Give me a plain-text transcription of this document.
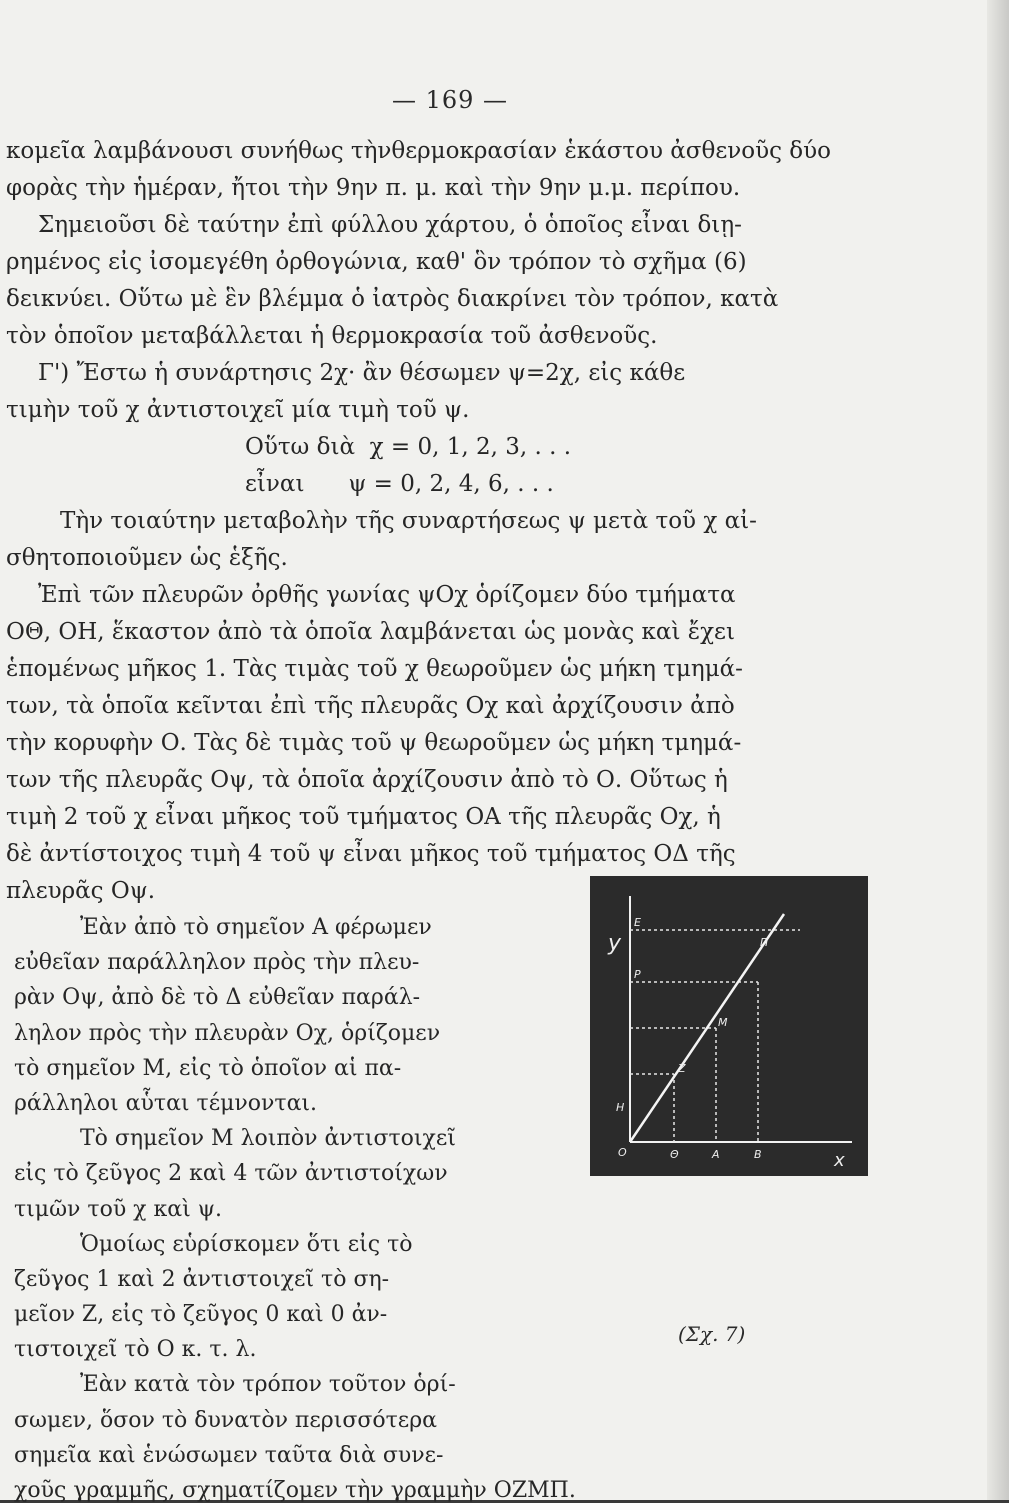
— 169 —
κομεῖα λαμβάνουσι συνήθως τὴνθερμοκρασίαν ἑκάστου ἀσθενοῦς δύο
φορὰς τὴν ἡμέραν, ἤτοι τὴν 9ην π. μ. καὶ τὴν 9ην μ.μ. περίπου.
Σημειοῦσι δὲ ταύτην ἐπὶ φύλλου χάρτου, ὁ ὁποῖος εἶναι διῃ-
ρημένος εἰς ἰσομεγέθη ὀρθογώνια, καθ' ὃν τρόπον τὸ σχῆμα (6)
δεικνύει. Οὕτω μὲ ἓν βλέμμα ὁ ἰατρὸς διακρίνει τὸν τρόπον, κατὰ
τὸν ὁποῖον μεταβάλλεται ἡ θερμοκρασία τοῦ ἀσθενοῦς.
Γ') Ἔστω ἡ συνάρτησις 2χ· ἂν θέσωμεν ψ=2χ, εἰς κάθε
τιμὴν τοῦ χ ἀντιστοιχεῖ μία τιμὴ τοῦ ψ.
Οὕτω διὰ  χ = 0, 1, 2, 3, . . .
εἶναι      ψ = 0, 2, 4, 6, . . .
Τὴν τοιαύτην μεταβολὴν τῆς συναρτήσεως ψ μετὰ τοῦ χ αἰ-
σθητοποιοῦμεν ὡς ἑξῆς.
Ἐπὶ τῶν πλευρῶν ὀρθῆς γωνίας ψΟχ ὁρίζομεν δύο τμήματα
ΟΘ, ΟΗ, ἕκαστον ἀπὸ τὰ ὁποῖα λαμβάνεται ὡς μονὰς καὶ ἔχει
ἑπομένως μῆκος 1. Τὰς τιμὰς τοῦ χ θεωροῦμεν ὡς μήκη τμημά-
των, τὰ ὁποῖα κεῖνται ἐπὶ τῆς πλευρᾶς Οχ καὶ ἀρχίζουσιν ἀπὸ
τὴν κορυφὴν Ο. Τὰς δὲ τιμὰς τοῦ ψ θεωροῦμεν ὡς μήκη τμημά-
των τῆς πλευρᾶς Οψ, τὰ ὁποῖα ἀρχίζουσιν ἀπὸ τὸ Ο. Οὕτως ἡ
τιμὴ 2 τοῦ χ εἶναι μῆκος τοῦ τμήματος ΟΑ τῆς πλευρᾶς Οχ, ἡ
δὲ ἀντίστοιχος τιμὴ 4 τοῦ ψ εἶναι μῆκος τοῦ τμήματος ΟΔ τῆς
πλευρᾶς Οψ.
Ἐὰν ἀπὸ τὸ σημεῖον Α φέρωμεν
εὐθεῖαν παράλληλον πρὸς τὴν πλευ-
ρὰν Οψ, ἀπὸ δὲ τὸ Δ εὐθεῖαν παράλ-
ληλον πρὸς τὴν πλευρὰν Οχ, ὁρίζομεν
τὸ σημεῖον Μ, εἰς τὸ ὁποῖον αἱ πα-
ράλληλοι αὗται τέμνονται.
Τὸ σημεῖον Μ λοιπὸν ἀντιστοιχεῖ
εἰς τὸ ζεῦγος 2 καὶ 4 τῶν ἀντιστοίχων
τιμῶν τοῦ χ καὶ ψ.
Ὁμοίως εὑρίσκομεν ὅτι εἰς τὸ
ζεῦγος 1 καὶ 2 ἀντιστοιχεῖ τὸ ση-
μεῖον Ζ, εἰς τὸ ζεῦγος 0 καὶ 0 ἀν-
τιστοιχεῖ τὸ Ο κ. τ. λ.
Ἐὰν κατὰ τὸν τρόπον τοῦτον ὁρί-
σωμεν, ὅσον τὸ δυνατὸν περισσότερα
σημεῖα καὶ ἑνώσωμεν ταῦτα διὰ συνε-
χοῦς γραμμῆς, σχηματίζομεν τὴν γραμμὴν ΟΖΜΠ.
y
x
O	Θ	A	B
H
Z
M
P
E
Π
(Σχ. 7)
